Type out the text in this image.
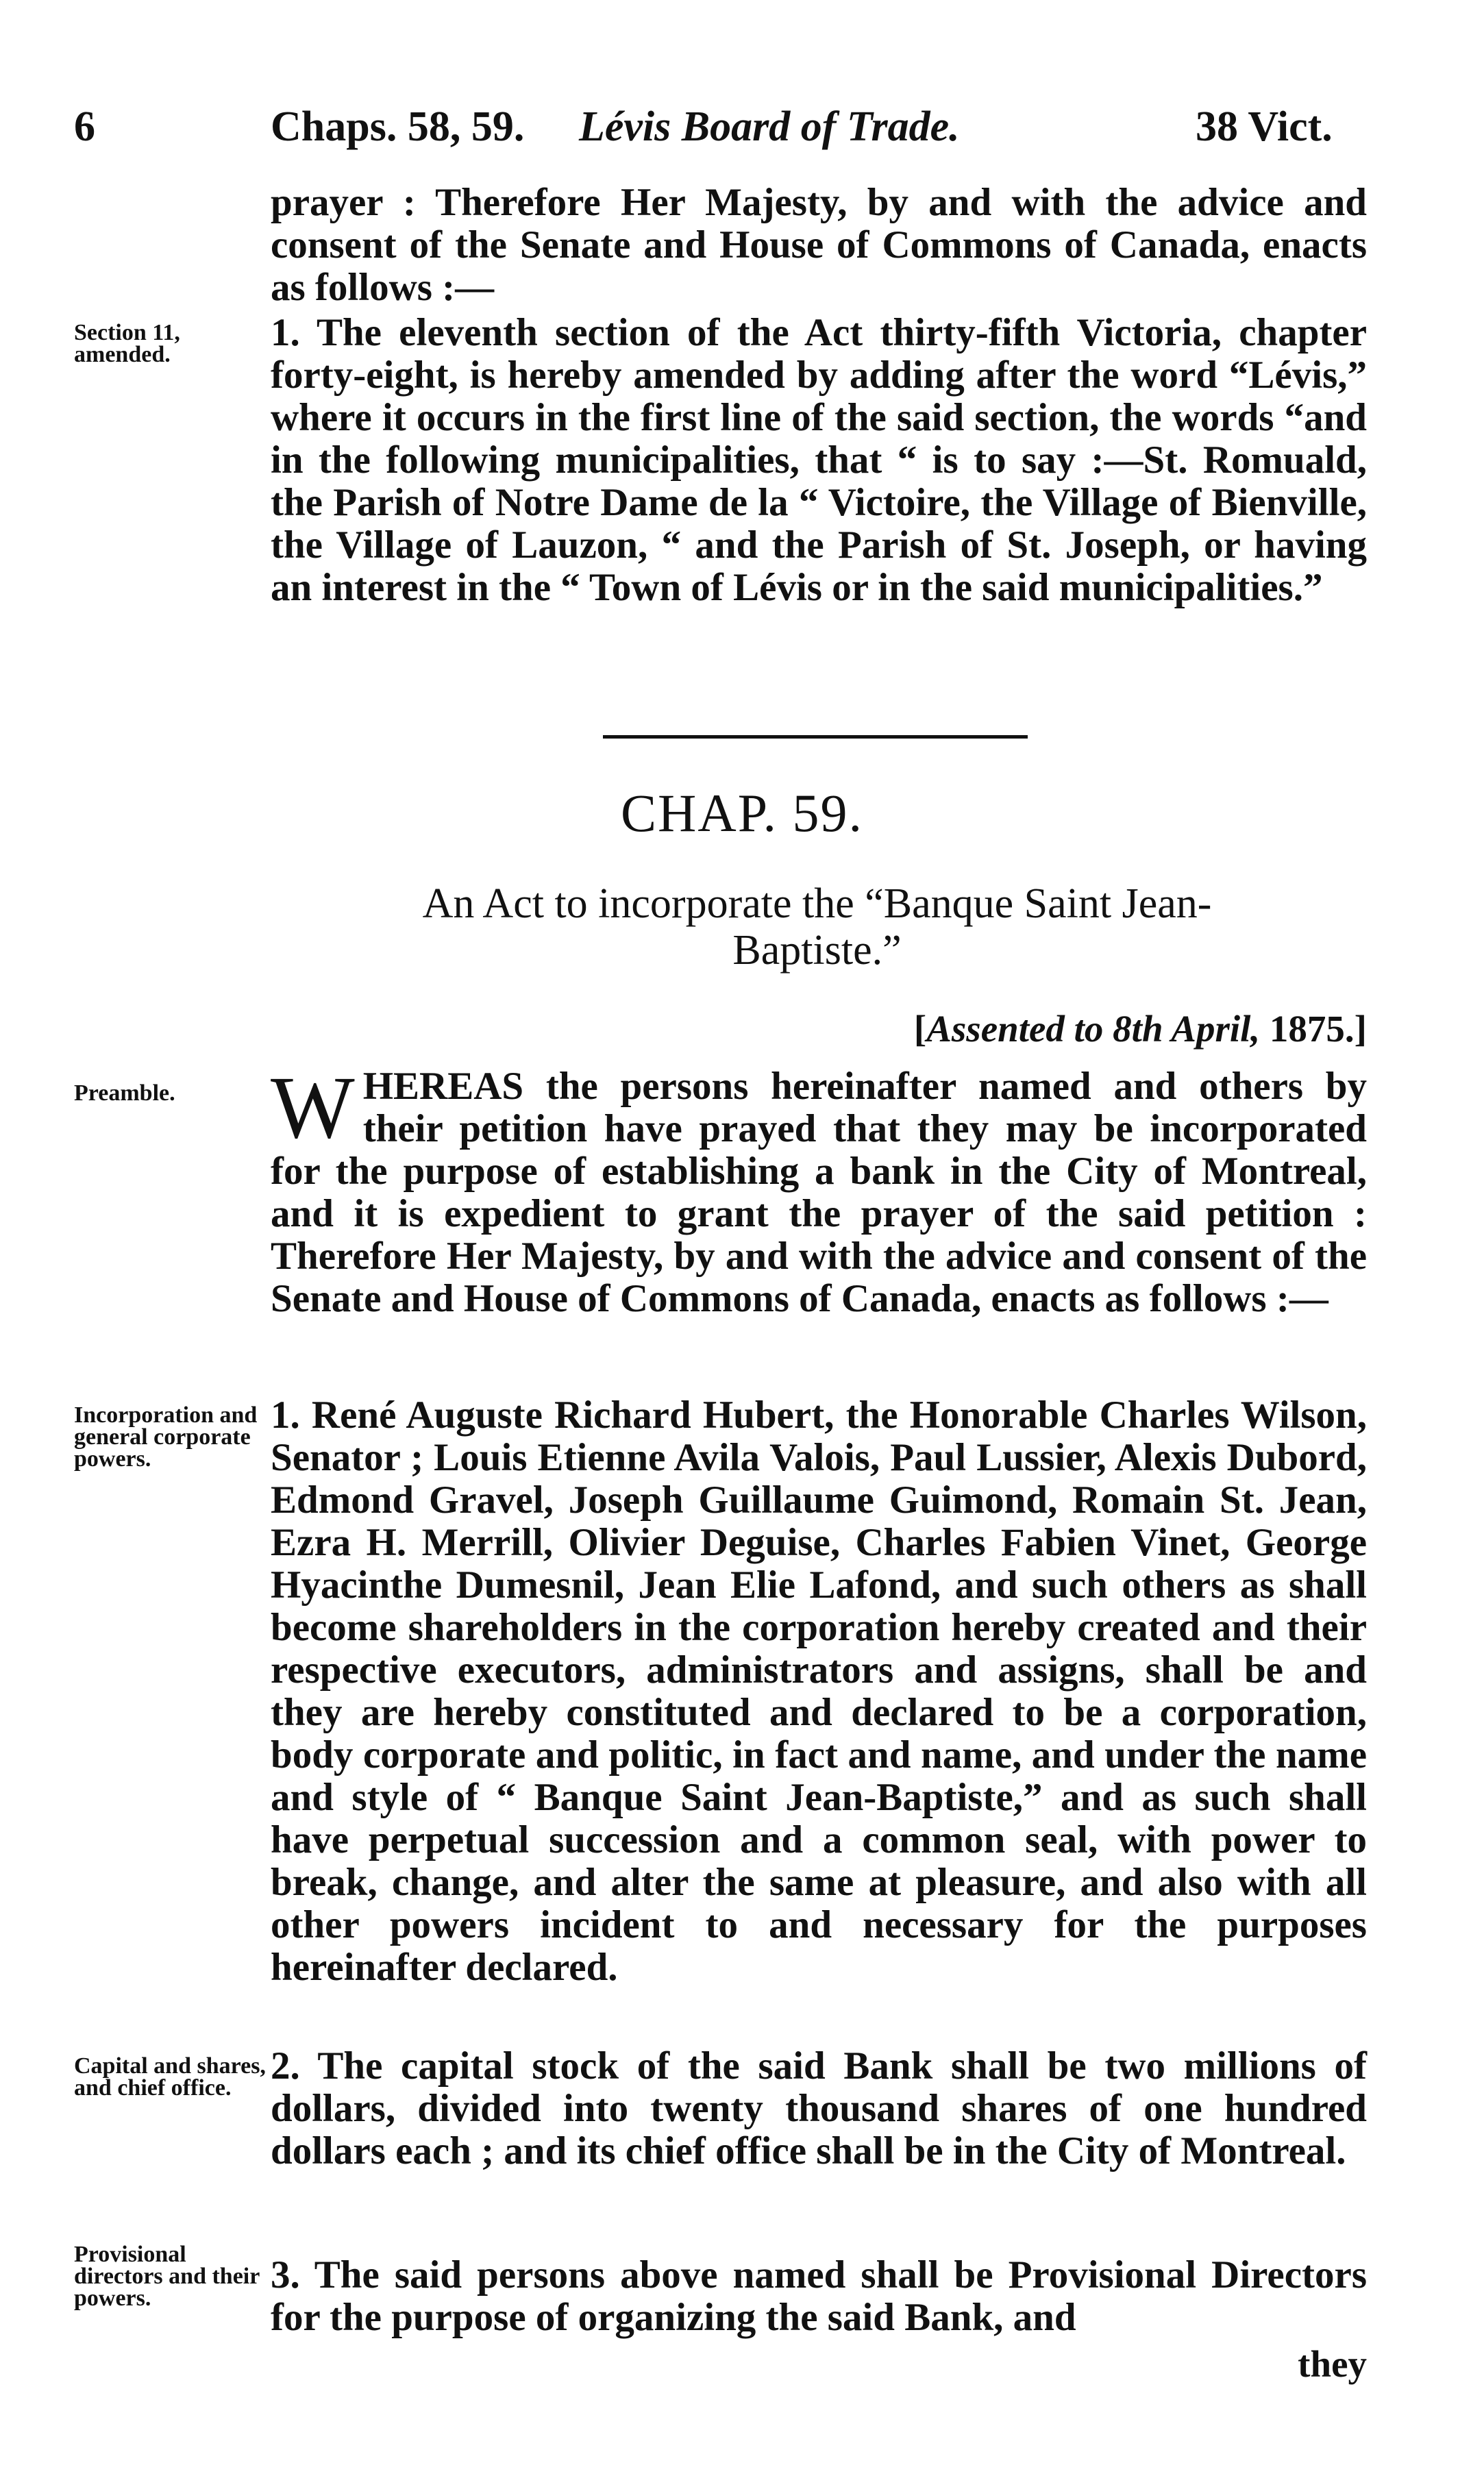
6	Chaps. 58, 59. Lévis Board of Trade.	38 Vict.

prayer : Therefore Her Majesty, by and with the advice and consent of the Senate and House of Commons of Canada, enacts as follows :—

Section 11, amended.

1. The eleventh section of the Act thirty-fifth Victoria, chapter forty-eight, is hereby amended by adding after the word “Lévis,” where it occurs in the first line of the said section, the words “and in the following municipalities, that “ is to say :—St. Romuald, the Parish of Notre Dame de la “ Victoire, the Village of Bienville, the Village of Lauzon, “ and the Parish of St. Joseph, or having an interest in the “ Town of Lévis or in the said municipalities.”

CHAP. 59.
An Act to incorporate the “Banque Saint Jean-Baptiste.”
[Assented to 8th April, 1875.]
Preamble.	WHEREAS the persons hereinafter named and others by their petition have prayed that they may be incorporated for the purpose of establishing a bank in the City of Montreal, and it is expedient to grant the prayer of the said petition : Therefore Her Majesty, by and with the advice and consent of the Senate and House of Commons of Canada, enacts as follows :—

Incorporation and general corporate powers.

1. René Auguste Richard Hubert, the Honorable Charles Wilson, Senator ; Louis Etienne Avila Valois, Paul Lussier, Alexis Dubord, Edmond Gravel, Joseph Guillaume Guimond, Romain St. Jean, Ezra H. Merrill, Olivier Deguise, Charles Fabien Vinet, George Hyacinthe Dumesnil, Jean Elie Lafond, and such others as shall become shareholders in the corporation hereby created and their respective executors, administrators and assigns, shall be and they are hereby constituted and declared to be a corporation, body corporate and politic, in fact and name, and under the name and style of “ Banque Saint Jean-Baptiste,” and as such shall have perpetual succession and a common seal, with power to break, change, and alter the same at pleasure, and also with all other powers incident to and necessary for the purposes hereinafter declared.

Capital and shares, and chief office.

2. The capital stock of the said Bank shall be two millions of dollars, divided into twenty thousand shares of one hundred dollars each ; and its chief office shall be in the City of Montreal.

Provisional directors and their powers.

3. The said persons above named shall be Provisional Directors for the purpose of organizing the said Bank, and

they
